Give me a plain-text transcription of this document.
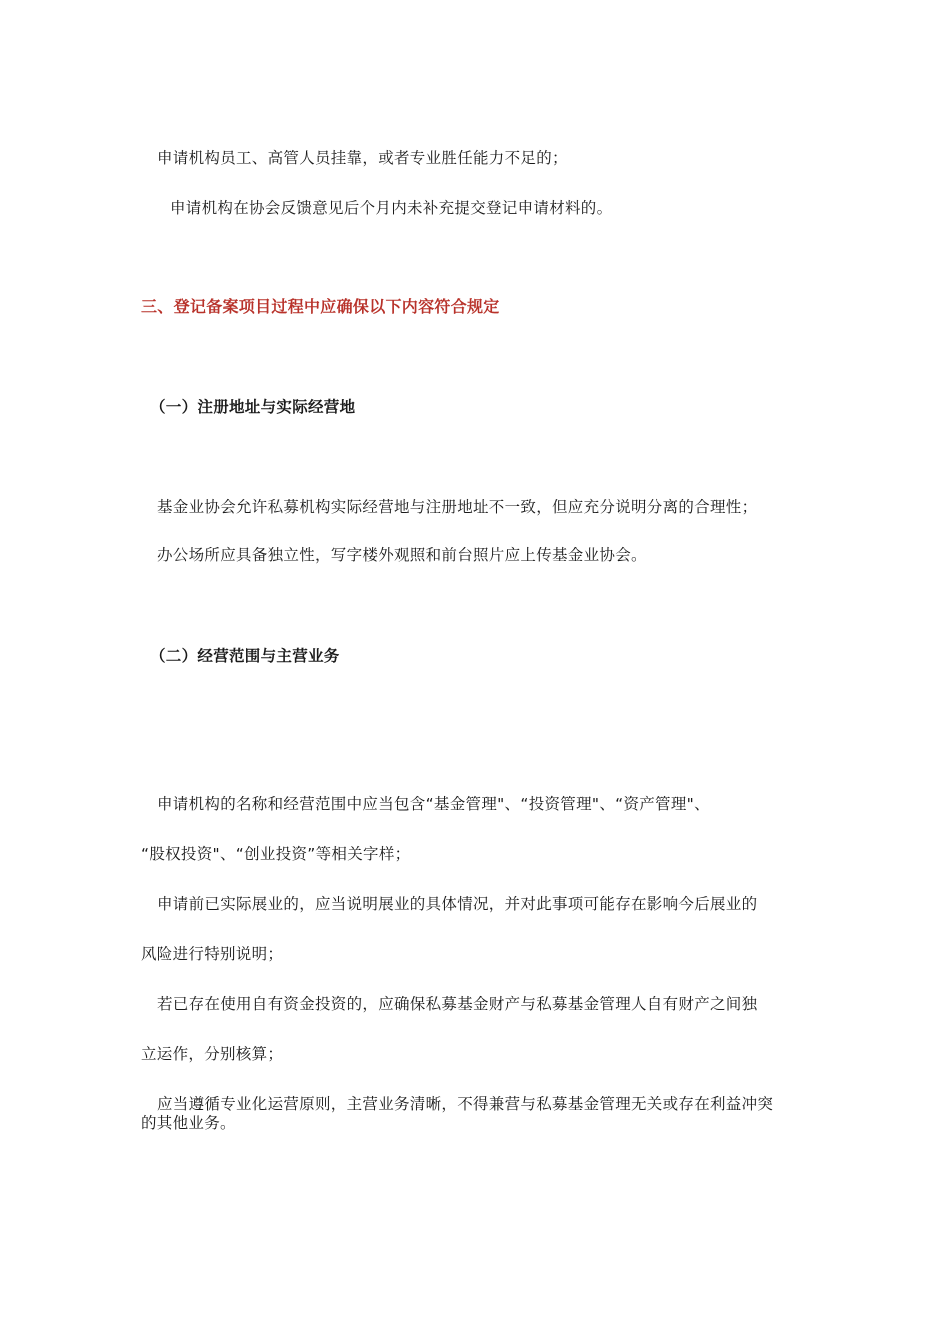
申请机构员工、高管人员挂靠，或者专业胜任能力不足的；
申请机构在协会反馈意见后个月内未补充提交登记申请材料的。
三、登记备案项目过程中应确保以下内容符合规定
（一）注册地址与实际经营地
基金业协会允许私募机构实际经营地与注册地址不一致，但应充分说明分离的合理性；
办公场所应具备独立性，写字楼外观照和前台照片应上传基金业协会。
（二）经营范围与主营业务
申请机构的名称和经营范围中应当包含“基金管理"、“投资管理"、“资产管理"、
“股权投资"、“创业投资”等相关字样；
申请前已实际展业的，应当说明展业的具体情况，并对此事项可能存在影响今后展业的
风险进行特别说明；
若已存在使用自有资金投资的，应确保私募基金财产与私募基金管理人自有财产之间独
立运作，分别核算；
应当遵循专业化运营原则，主营业务清晰，不得兼营与私募基金管理无关或存在利益冲突
的其他业务。
